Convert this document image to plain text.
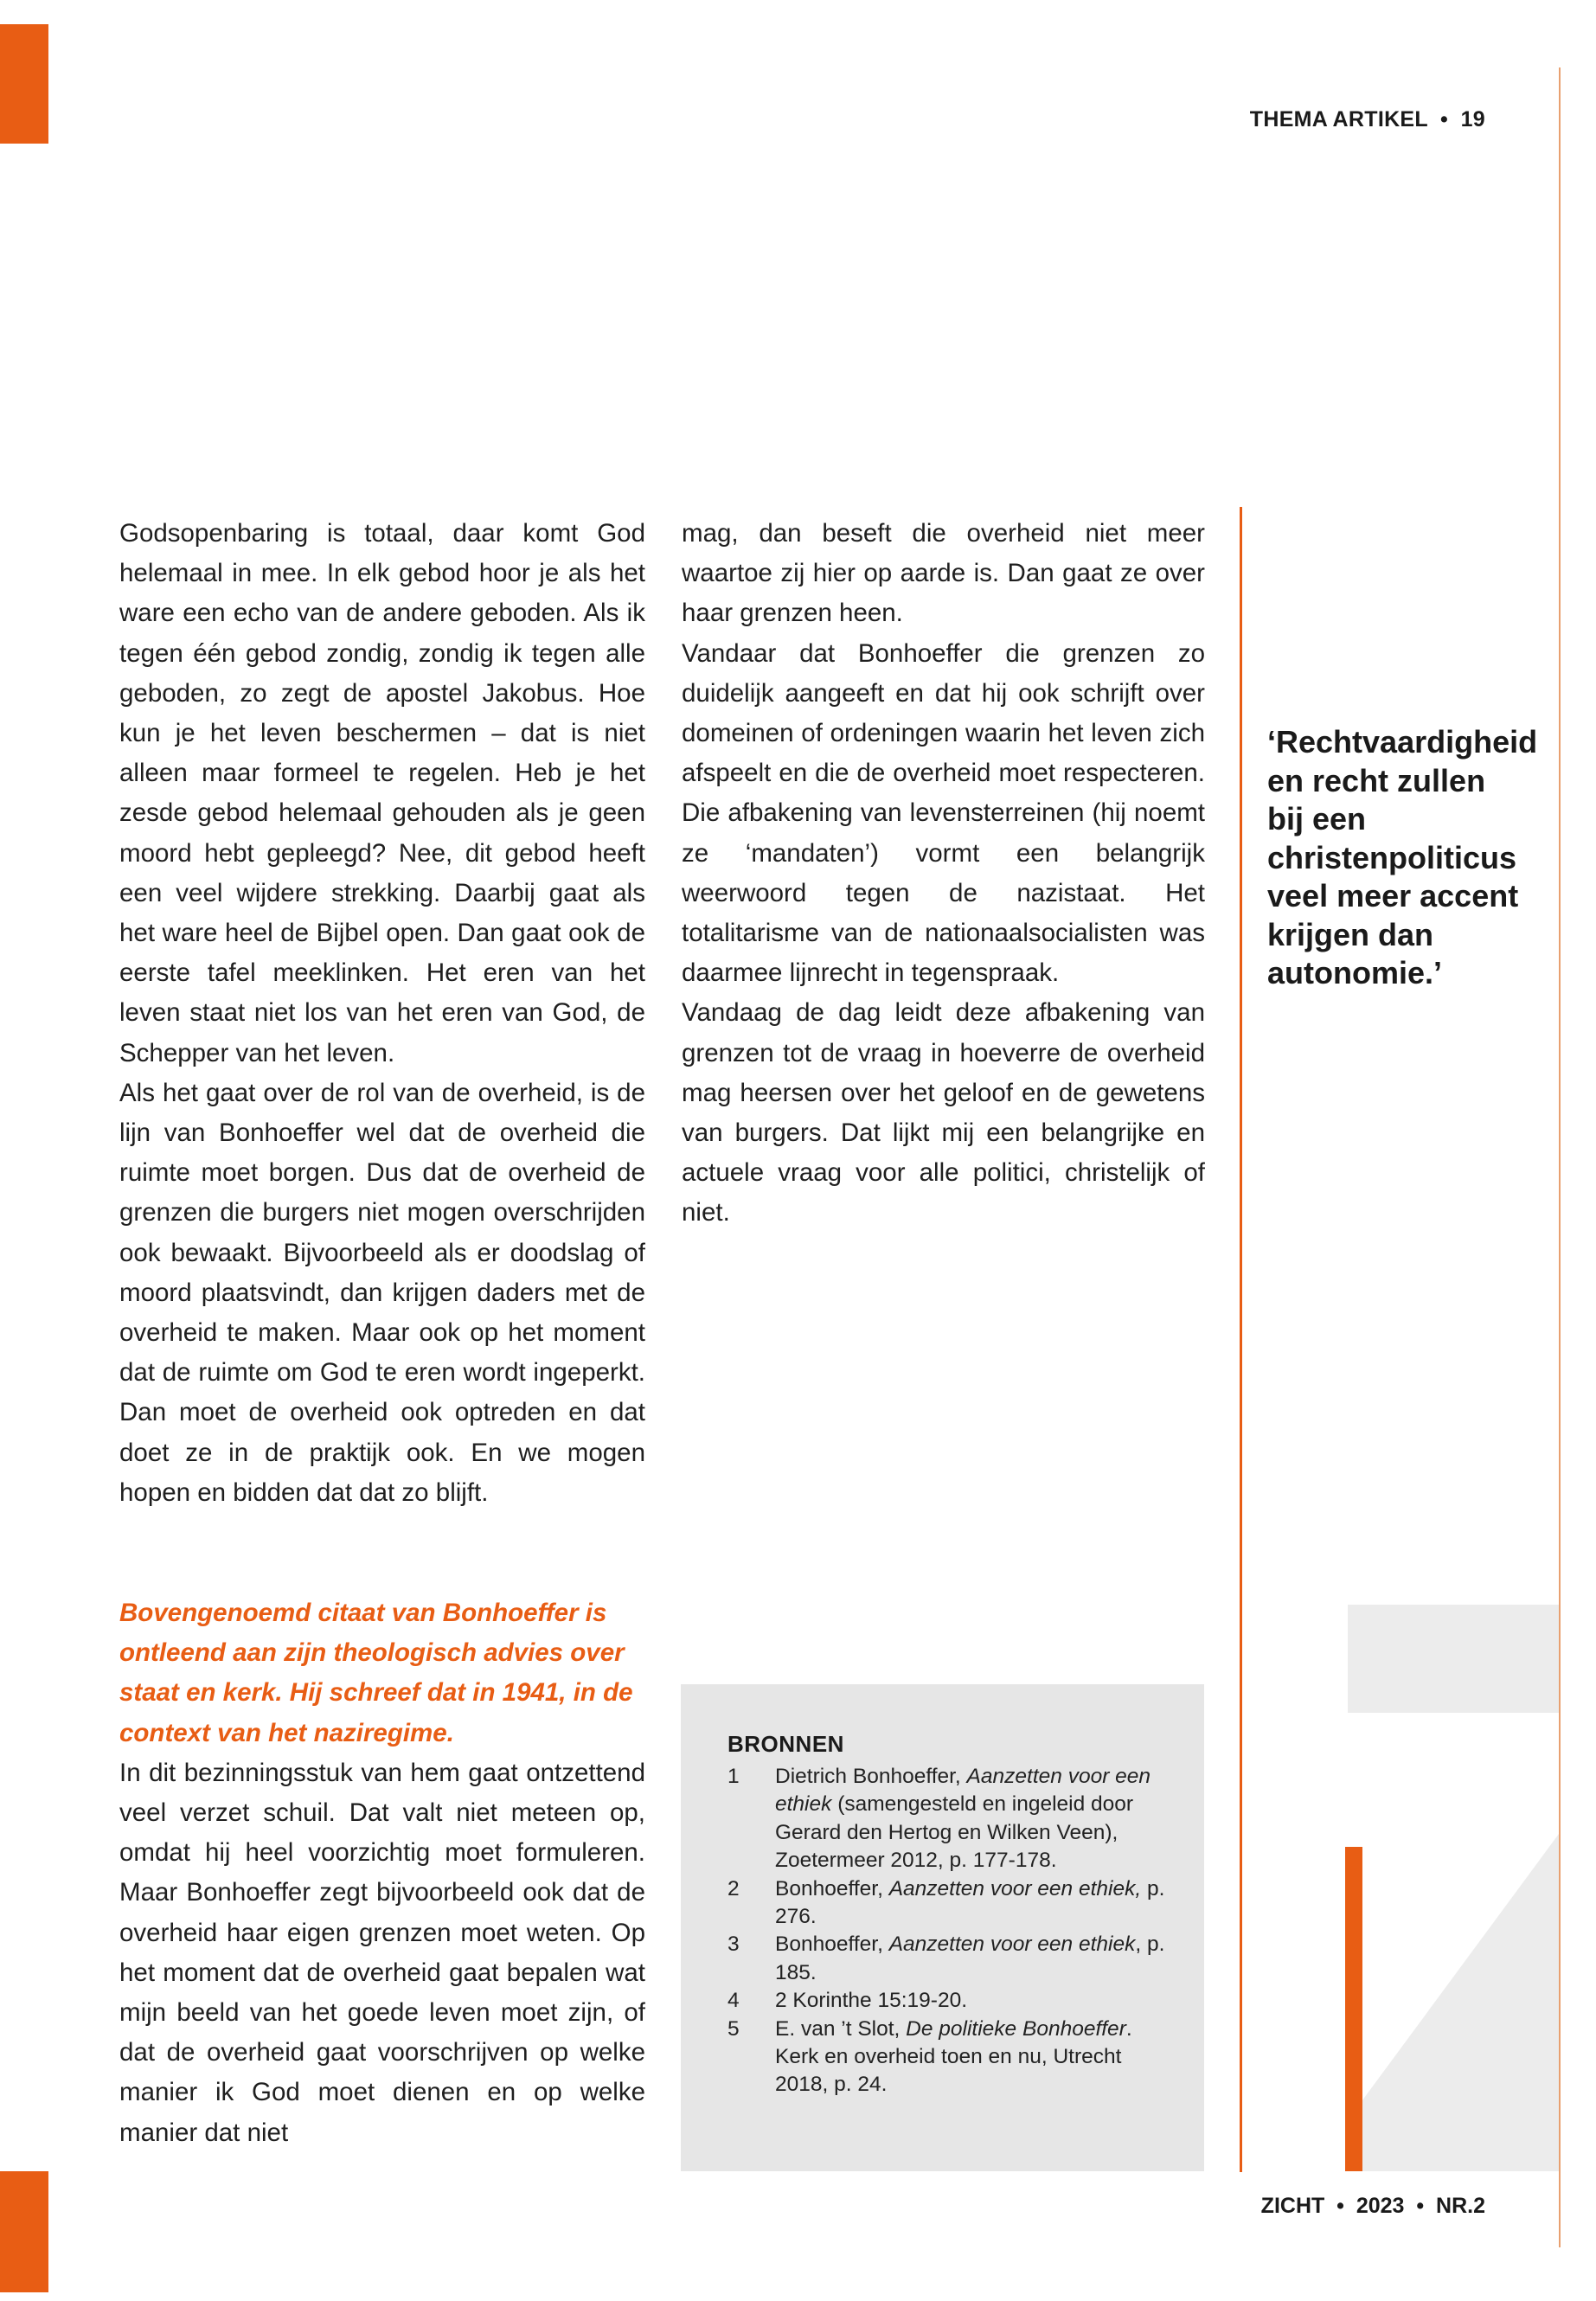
THEMA ARTIKEL  •  19

Godsopenbaring is totaal, daar komt God helemaal in mee. In elk gebod hoor je als het ware een echo van de andere geboden. Als ik tegen één gebod zondig, zondig ik tegen alle geboden, zo zegt de apostel Jakobus. Hoe kun je het leven beschermen – dat is niet alleen maar formeel te regelen. Heb je het zesde gebod helemaal gehouden als je geen moord hebt gepleegd? Nee, dit gebod heeft een veel wijdere strekking. Daarbij gaat als het ware heel de Bijbel open. Dan gaat ook de eerste tafel meeklinken. Het eren van het leven staat niet los van het eren van God, de Schepper van het leven.

Als het gaat over de rol van de overheid, is de lijn van Bonhoeffer wel dat de overheid die ruimte moet borgen. Dus dat de overheid de grenzen die burgers niet mogen overschrijden ook bewaakt. Bijvoorbeeld als er doodslag of moord plaatsvindt, dan krijgen daders met de overheid te maken. Maar ook op het moment dat de ruimte om God te eren wordt ingeperkt. Dan moet de overheid ook optreden en dat doet ze in de praktijk ook. En we mogen hopen en bidden dat dat zo blijft.

Bovengenoemd citaat van Bonhoeffer is ontleend aan zijn theologisch advies over staat en kerk. Hij schreef dat in 1941, in de context van het naziregime.

In dit bezinningsstuk van hem gaat ontzettend veel verzet schuil. Dat valt niet meteen op, omdat hij heel voorzichtig moet formuleren. Maar Bonhoeffer zegt bijvoorbeeld ook dat de overheid haar eigen grenzen moet weten. Op het moment dat de overheid gaat bepalen wat mijn beeld van het goede leven moet zijn, of dat de overheid gaat voorschrijven op welke manier ik God moet dienen en op welke manier dat niet

mag, dan beseft die overheid niet meer waartoe zij hier op aarde is. Dan gaat ze over haar grenzen heen.

Vandaar dat Bonhoeffer die grenzen zo duidelijk aangeeft en dat hij ook schrijft over domeinen of ordeningen waarin het leven zich afspeelt en die de overheid moet respecteren. Die afbakening van levensterreinen (hij noemt ze ‘mandaten’) vormt een belangrijk weerwoord tegen de nazistaat. Het totalitarisme van de nationaalsocialisten was daarmee lijnrecht in tegenspraak.

Vandaag de dag leidt deze afbakening van grenzen tot de vraag in hoeverre de overheid mag heersen over het geloof en de gewetens van burgers. Dat lijkt mij een belangrijke en actuele vraag voor alle politici, christelijk of niet.

‘Rechtvaardigheid en recht zullen bij een christenpoliticus veel meer accent krijgen dan autonomie.’
BRONNEN
1	Dietrich Bonhoeffer, Aanzetten voor een ethiek (samengesteld en ingeleid door Gerard den Hertog en Wilken Veen), Zoetermeer 2012, p. 177-178.
2	Bonhoeffer, Aanzetten voor een ethiek, p. 276.
3	Bonhoeffer, Aanzetten voor een ethiek, p. 185.
4	2 Korinthe 15:19-20.
5	E. van ’t Slot, De politieke Bonhoeffer. Kerk en overheid toen en nu, Utrecht 2018, p. 24.
ZICHT  •  2023  •  NR.2
